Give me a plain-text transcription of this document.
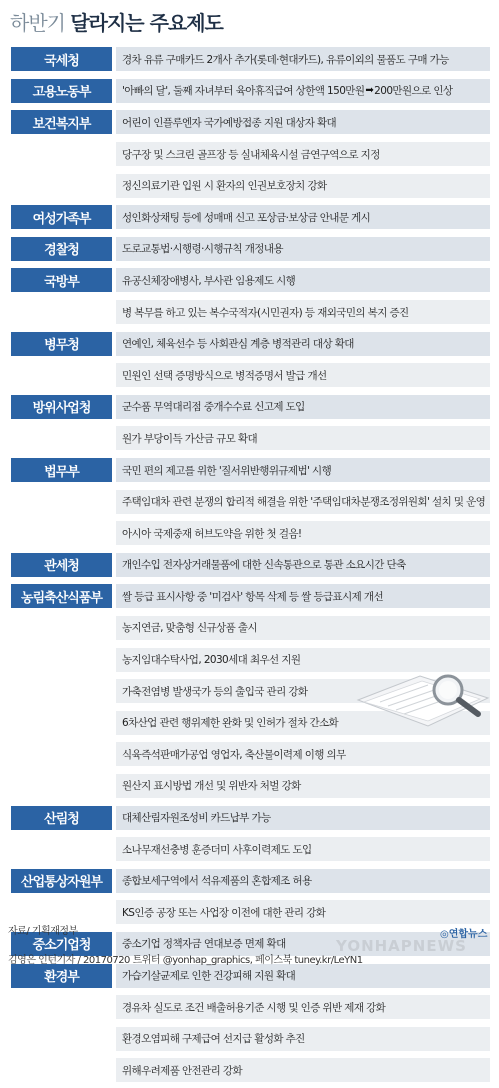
하반기 달라지는 주요제도
국세청	경차 유류 구매카드 2개사 추가(롯데·현대카드), 유류이외의 물품도 구매 가능
고용노동부	'아빠의 달', 둘째 자녀부터 육아휴직급여 상한액 150만원 ➡ 200만원으로 인상
보건복지부	어린이 인플루엔자 국가예방접종 지원 대상자 확대
당구장 및 스크린 골프장 등 실내체육시설 금연구역으로 지정
정신의료기관 입원 시 환자의 인권보호장치 강화
여성가족부	성인화상채팅 등에 성매매 신고 포상금·보상금 안내문 게시
경찰청	도로교통법·시행령·시행규칙 개정내용
국방부	유공신체장애병사, 부사관 임용제도 시행
병 복무를 하고 있는 복수국적자(시민권자) 등 재외국민의 복지 증진
병무청	연예인, 체육선수 등 사회관심 계층 병적관리 대상 확대
민원인 선택 증명방식으로 병적증명서 발급 개선
방위사업청	군수품 무역대리점 중개수수료 신고제 도입
원가 부당이득 가산금 규모 확대
법무부	국민 편의 제고를 위한 '질서위반행위규제법' 시행
주택임대차 관련 분쟁의 합리적 해결을 위한 '주택임대차분쟁조정위원회' 설치 및 운영
아시아 국제중재 허브도약을 위한 첫 걸음!
관세청	개인수입 전자상거래물품에 대한 신속통관으로 통관 소요시간 단축
농림축산식품부	쌀 등급 표시사항 중 '미검사' 항목 삭제 등 쌀 등급표시제 개선
농지연금, 맞춤형 신규상품 출시
농지임대수탁사업, 2030세대 최우선 지원
가축전염병 발생국가 등의 출입국 관리 강화
6차산업 관련 행위제한 완화 및 인허가 절차 간소화
식육즉석판매가공업 영업자, 축산물이력제 이행 의무
원산지 표시방법 개선 및 위반자 처벌 강화
산림청	대체산림자원조성비 카드납부 가능
소나무재선충병 훈증더미 사후이력제도 도입
산업통상자원부	종합보세구역에서 석유제품의 혼합제조 허용
KS인증 공장 또는 사업장 이전에 대한 관리 강화
중소기업청	중소기업 정책자금 연대보증 면제 확대
환경부	가습기살균제로 인한 건강피해 지원 확대
경유차 실도로 조건 배출허용기준 시행 및 인증 위반 제재 강화
환경오염피해 구제급여 선지급 활성화 추진
위해우려제품 안전관리 강화
자료/ 기획재정부	◎연합뉴스
YONHAPNEWS
김영은 인턴기자 / 20170720 트위터 @yonhap_graphics, 페이스북 tuney.kr/LeYN1
